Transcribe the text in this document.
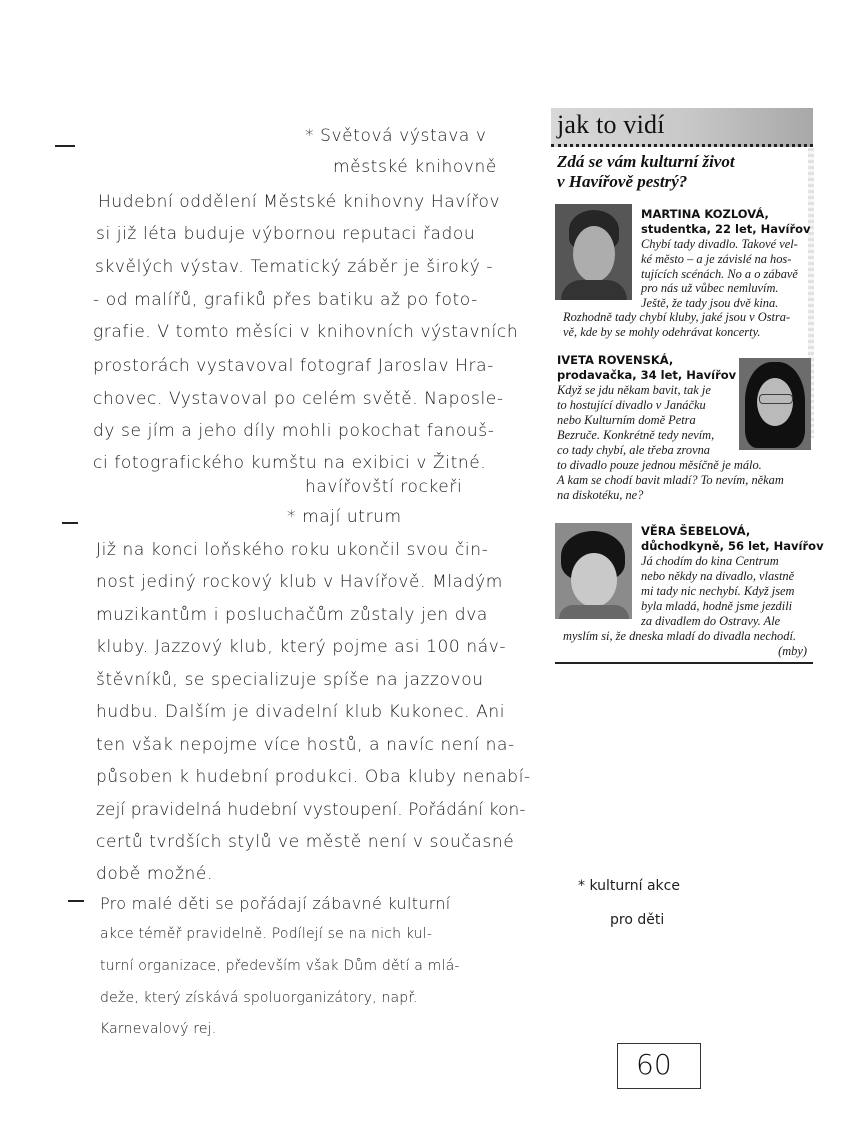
* Světová výstava v
městské knihovně
Hudební oddělení Městské knihovny Havířov
si již léta buduje výbornou reputaci řadou
skvělých výstav. Tematický záběr je široký -
- od malířů, grafiků přes batiku až po foto-
grafie. V tomto měsíci v knihovních výstavních
prostorách vystavoval fotograf Jaroslav Hra-
chovec. Vystavoval po celém světě. Naposle-
dy se jím a jeho díly mohli pokochat fanouš-
ci fotografického kumštu na exibici v Žitné.
havířovští rockeři
* mají utrum
Již na konci loňského roku ukončil svou čin-
nost jediný rockový klub v Havířově. Mladým
muzikantům i posluchačům zůstaly jen dva
kluby. Jazzový klub, který pojme asi 100 náv-
štěvníků, se specializuje spíše na jazzovou
hudbu. Dalším je divadelní klub Kukonec. Ani
ten však nepojme více hostů, a navíc není na-
působen k hudební produkci. Oba kluby nenabí-
zejí pravidelná hudební vystoupení. Pořádání kon-
certů tvrdších stylů ve městě není v současné
době možné.
Pro malé děti se pořádají zábavné kulturní
akce téměř pravidelně. Podílejí se na nich kul-
turní organizace, především však Dům dětí a mlá-
deže, který získává spoluorganizátory, např.
Karnevalový rej.
* kulturní akce
pro děti
jak to vidí
Zdá se vám kulturní život
v Havířově pestrý?
MARTINA KOZLOVÁ,
studentka, 22 let, Havířov
Chybí tady divadlo. Takové vel-
ké město – a je závislé na hos-
tujících scénách. No a o zábavě
pro nás už vůbec nemluvím.
Ještě, že tady jsou dvě kina.
Rozhodně tady chybí kluby, jaké jsou v Ostra-
vě, kde by se mohly odehrávat koncerty.
IVETA ROVENSKÁ,
prodavačka, 34 let, Havířov
Když se jdu někam bavit, tak je
to hostující divadlo v Janáčku
nebo Kulturním domě Petra
Bezruče. Konkrétně tedy nevím,
co tady chybí, ale třeba zrovna
to divadlo pouze jednou měsíčně je málo.
A kam se chodí bavit mladí? To nevím, někam
na diskotéku, ne?
VĚRA ŠEBELOVÁ,
důchodkyně, 56 let, Havířov
Já chodím do kina Centrum
nebo někdy na divadlo, vlastně
mi tady nic nechybí. Když jsem
byla mladá, hodně jsme jezdili
za divadlem do Ostravy. Ale
myslím si, že dneska mladí do divadla nechodí.
(mby)
60
